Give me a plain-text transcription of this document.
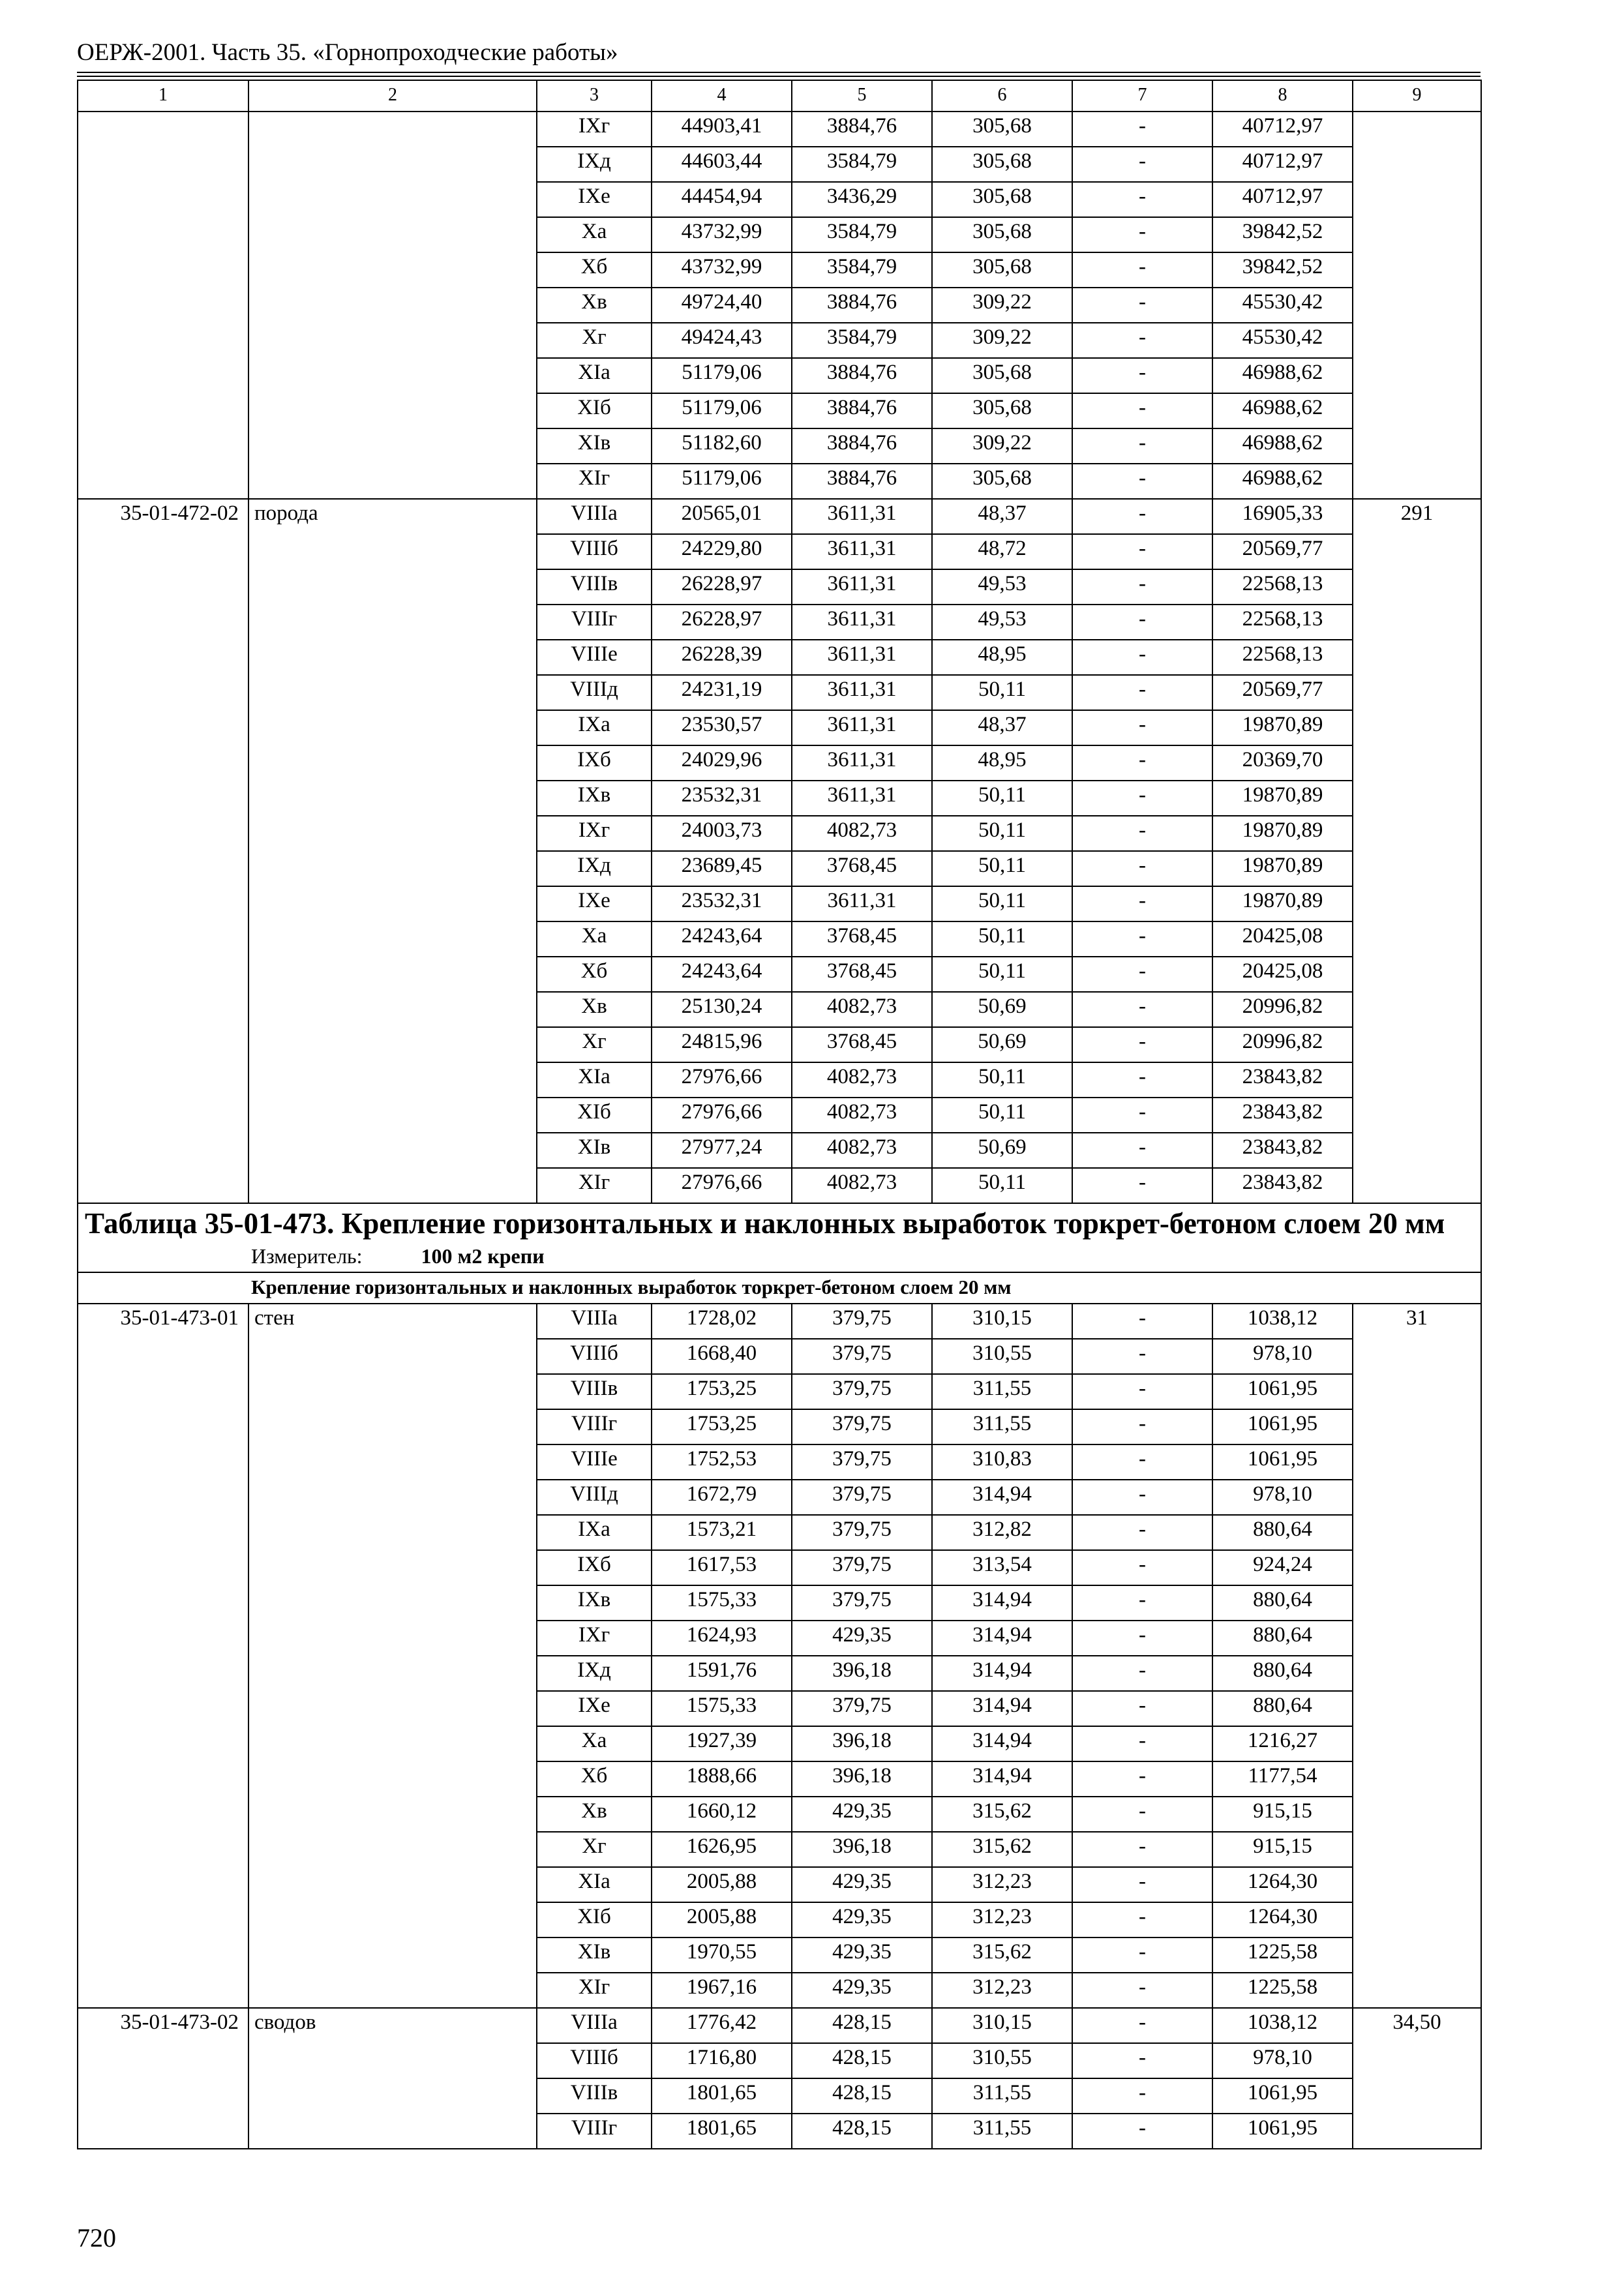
ОЕРЖ-2001. Часть 35. «Горнопроходческие работы»
1	2	3	4	5	6	7	8	9
		IXг	44903,41	3884,76	305,68	-	40712,97	
		IXд	44603,44	3584,79	305,68	-	40712,97	
		IXе	44454,94	3436,29	305,68	-	40712,97	
		Xа	43732,99	3584,79	305,68	-	39842,52	
		Xб	43732,99	3584,79	305,68	-	39842,52	
		Xв	49724,40	3884,76	309,22	-	45530,42	
		Xг	49424,43	3584,79	309,22	-	45530,42	
		XIа	51179,06	3884,76	305,68	-	46988,62	
		XIб	51179,06	3884,76	305,68	-	46988,62	
		XIв	51182,60	3884,76	309,22	-	46988,62	
		XIг	51179,06	3884,76	305,68	-	46988,62	
35-01-472-02	порода	VIIIа	20565,01	3611,31	48,37	-	16905,33	291
		VIIIб	24229,80	3611,31	48,72	-	20569,77	
		VIIIв	26228,97	3611,31	49,53	-	22568,13	
		VIIIг	26228,97	3611,31	49,53	-	22568,13	
		VIIIе	26228,39	3611,31	48,95	-	22568,13	
		VIIIд	24231,19	3611,31	50,11	-	20569,77	
		IXа	23530,57	3611,31	48,37	-	19870,89	
		IXб	24029,96	3611,31	48,95	-	20369,70	
		IXв	23532,31	3611,31	50,11	-	19870,89	
		IXг	24003,73	4082,73	50,11	-	19870,89	
		IXд	23689,45	3768,45	50,11	-	19870,89	
		IXе	23532,31	3611,31	50,11	-	19870,89	
		Xа	24243,64	3768,45	50,11	-	20425,08	
		Xб	24243,64	3768,45	50,11	-	20425,08	
		Xв	25130,24	4082,73	50,69	-	20996,82	
		Xг	24815,96	3768,45	50,69	-	20996,82	
		XIа	27976,66	4082,73	50,11	-	23843,82	
		XIб	27976,66	4082,73	50,11	-	23843,82	
		XIв	27977,24	4082,73	50,69	-	23843,82	
		XIг	27976,66	4082,73	50,11	-	23843,82	

Таблица 35-01-473. Крепление горизонтальных и наклонных выработок торкрет-бетоном слоем 20 мм
Измеритель: 100 м2 крепи								

Крепление горизонтальных и наклонных выработок торкрет-бетоном слоем 20 мм								
35-01-473-01	стен	VIIIа	1728,02	379,75	310,15	-	1038,12	31
		VIIIб	1668,40	379,75	310,55	-	978,10	
		VIIIв	1753,25	379,75	311,55	-	1061,95	
		VIIIг	1753,25	379,75	311,55	-	1061,95	
		VIIIе	1752,53	379,75	310,83	-	1061,95	
		VIIIд	1672,79	379,75	314,94	-	978,10	
		IXа	1573,21	379,75	312,82	-	880,64	
		IXб	1617,53	379,75	313,54	-	924,24	
		IXв	1575,33	379,75	314,94	-	880,64	
		IXг	1624,93	429,35	314,94	-	880,64	
		IXд	1591,76	396,18	314,94	-	880,64	
		IXе	1575,33	379,75	314,94	-	880,64	
		Xа	1927,39	396,18	314,94	-	1216,27	
		Xб	1888,66	396,18	314,94	-	1177,54	
		Xв	1660,12	429,35	315,62	-	915,15	
		Xг	1626,95	396,18	315,62	-	915,15	
		XIа	2005,88	429,35	312,23	-	1264,30	
		XIб	2005,88	429,35	312,23	-	1264,30	
		XIв	1970,55	429,35	315,62	-	1225,58	
		XIг	1967,16	429,35	312,23	-	1225,58	
35-01-473-02	сводов	VIIIа	1776,42	428,15	310,15	-	1038,12	34,50
		VIIIб	1716,80	428,15	310,55	-	978,10	
		VIIIв	1801,65	428,15	311,55	-	1061,95	
		VIIIг	1801,65	428,15	311,55	-	1061,95	
720
